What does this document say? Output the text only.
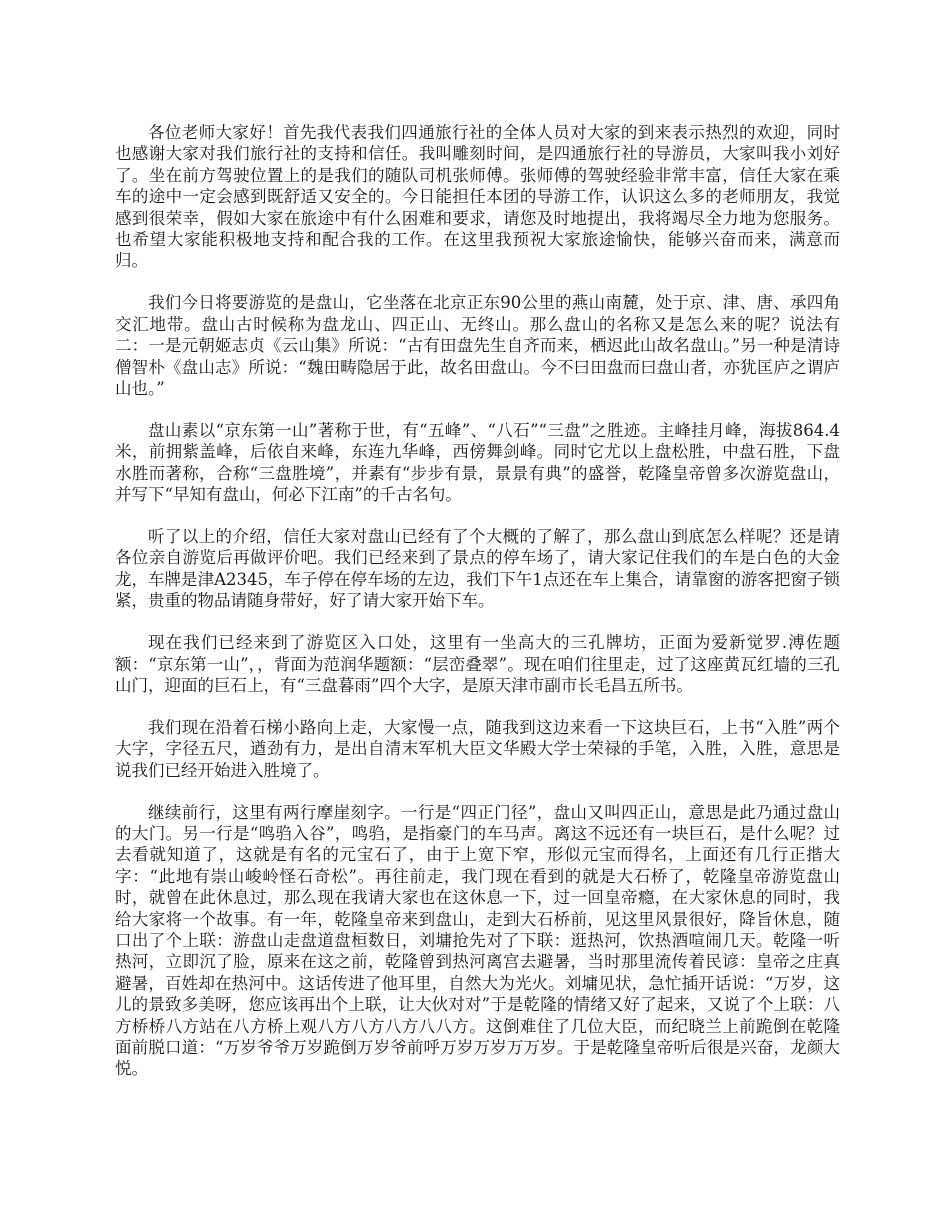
各位老师大家好！首先我代表我们四通旅行社的全体人员对大家的到来表示热烈的欢迎，同时也感谢大家对我们旅行社的支持和信任。我叫雕刻时间，是四通旅行社的导游员，大家叫我小刘好了。坐在前方驾驶位置上的是我们的随队司机张师傅。张师傅的驾驶经验非常丰富，信任大家在乘车的途中一定会感到既舒适又安全的。今日能担任本团的导游工作，认识这么多的老师朋友，我觉感到很荣幸，假如大家在旅途中有什么困难和要求，请您及时地提出，我将竭尽全力地为您服务。也希望大家能积极地支持和配合我的工作。在这里我预祝大家旅途愉快，能够兴奋而来，满意而归。

我们今日将要游览的是盘山，它坐落在北京正东90公里的燕山南麓，处于京、津、唐、承四角交汇地带。盘山古时候称为盘龙山、四正山、无终山。那么盘山的名称又是怎么来的呢？说法有二：一是元朝姬志贞《云山集》所说：“古有田盘先生自齐而来，栖迟此山故名盘山。”另一种是清诗僧智朴《盘山志》所说：“魏田畴隐居于此，故名田盘山。今不曰田盘而曰盘山者，亦犹匡庐之谓庐山也。”

盘山素以“京东第一山”著称于世，有“五峰”、“八石”“三盘”之胜迹。主峰挂月峰，海拔864.4米，前拥紫盖峰，后依自来峰，东连九华峰，西傍舞剑峰。同时它尤以上盘松胜，中盘石胜，下盘水胜而著称，合称“三盘胜境”，并素有“步步有景，景景有典”的盛誉，乾隆皇帝曾多次游览盘山，并写下“早知有盘山，何必下江南”的千古名句。

听了以上的介绍，信任大家对盘山已经有了个大概的了解了，那么盘山到底怎么样呢？还是请各位亲自游览后再做评价吧。我们已经来到了景点的停车场了，请大家记住我们的车是白色的大金龙，车牌是津A2345，车子停在停车场的左边，我们下午1点还在车上集合，请靠窗的游客把窗子锁紧，贵重的物品请随身带好，好了请大家开始下车。

现在我们已经来到了游览区入口处，这里有一坐高大的三孔牌坊，正面为爱新觉罗.溥佐题额：“京东第一山”，，背面为范润华题额：“层峦叠翠”。现在咱们往里走，过了这座黄瓦红墙的三孔山门，迎面的巨石上，有“三盘暮雨”四个大字，是原天津市副市长毛昌五所书。

我们现在沿着石梯小路向上走，大家慢一点，随我到这边来看一下这块巨石，上书“入胜”两个大字，字径五尺，遒劲有力，是出自清末军机大臣文华殿大学士荣禄的手笔，入胜，入胜，意思是说我们已经开始进入胜境了。

继续前行，这里有两行摩崖刻字。一行是“四正门径”，盘山又叫四正山，意思是此乃通过盘山的大门。另一行是“鸣驺入谷”，鸣驺，是指豪门的车马声。离这不远还有一块巨石，是什么呢？过去看就知道了，这就是有名的元宝石了，由于上宽下窄，形似元宝而得名，上面还有几行正揩大字：“此地有崇山峻岭怪石奇松”。再往前走，我门现在看到的就是大石桥了，乾隆皇帝游览盘山时，就曾在此休息过，那么现在我请大家也在这休息一下，过一回皇帝瘾，在大家休息的同时，我给大家将一个故事。有一年，乾隆皇帝来到盘山，走到大石桥前，见这里风景很好，降旨休息，随口出了个上联：游盘山走盘道盘桓数日，刘墉抢先对了下联：逛热河，饮热酒喧闹几天。乾隆一听热河，立即沉了脸，原来在这之前，乾隆曾到热河离宫去避暑，当时那里流传着民谚：皇帝之庄真避暑，百姓却在热河中。这话传进了他耳里，自然大为光火。刘墉见状，急忙插开话说：“万岁，这儿的景致多美呀，您应该再出个上联，让大伙对对”于是乾隆的情绪又好了起来，又说了个上联：八方桥桥八方站在八方桥上观八方八方八方八八方。这倒难住了几位大臣，而纪晓兰上前跪倒在乾隆面前脱口道：“万岁爷爷万岁跪倒万岁爷前呼万岁万岁万万岁。于是乾隆皇帝听后很是兴奋，龙颜大悦。
